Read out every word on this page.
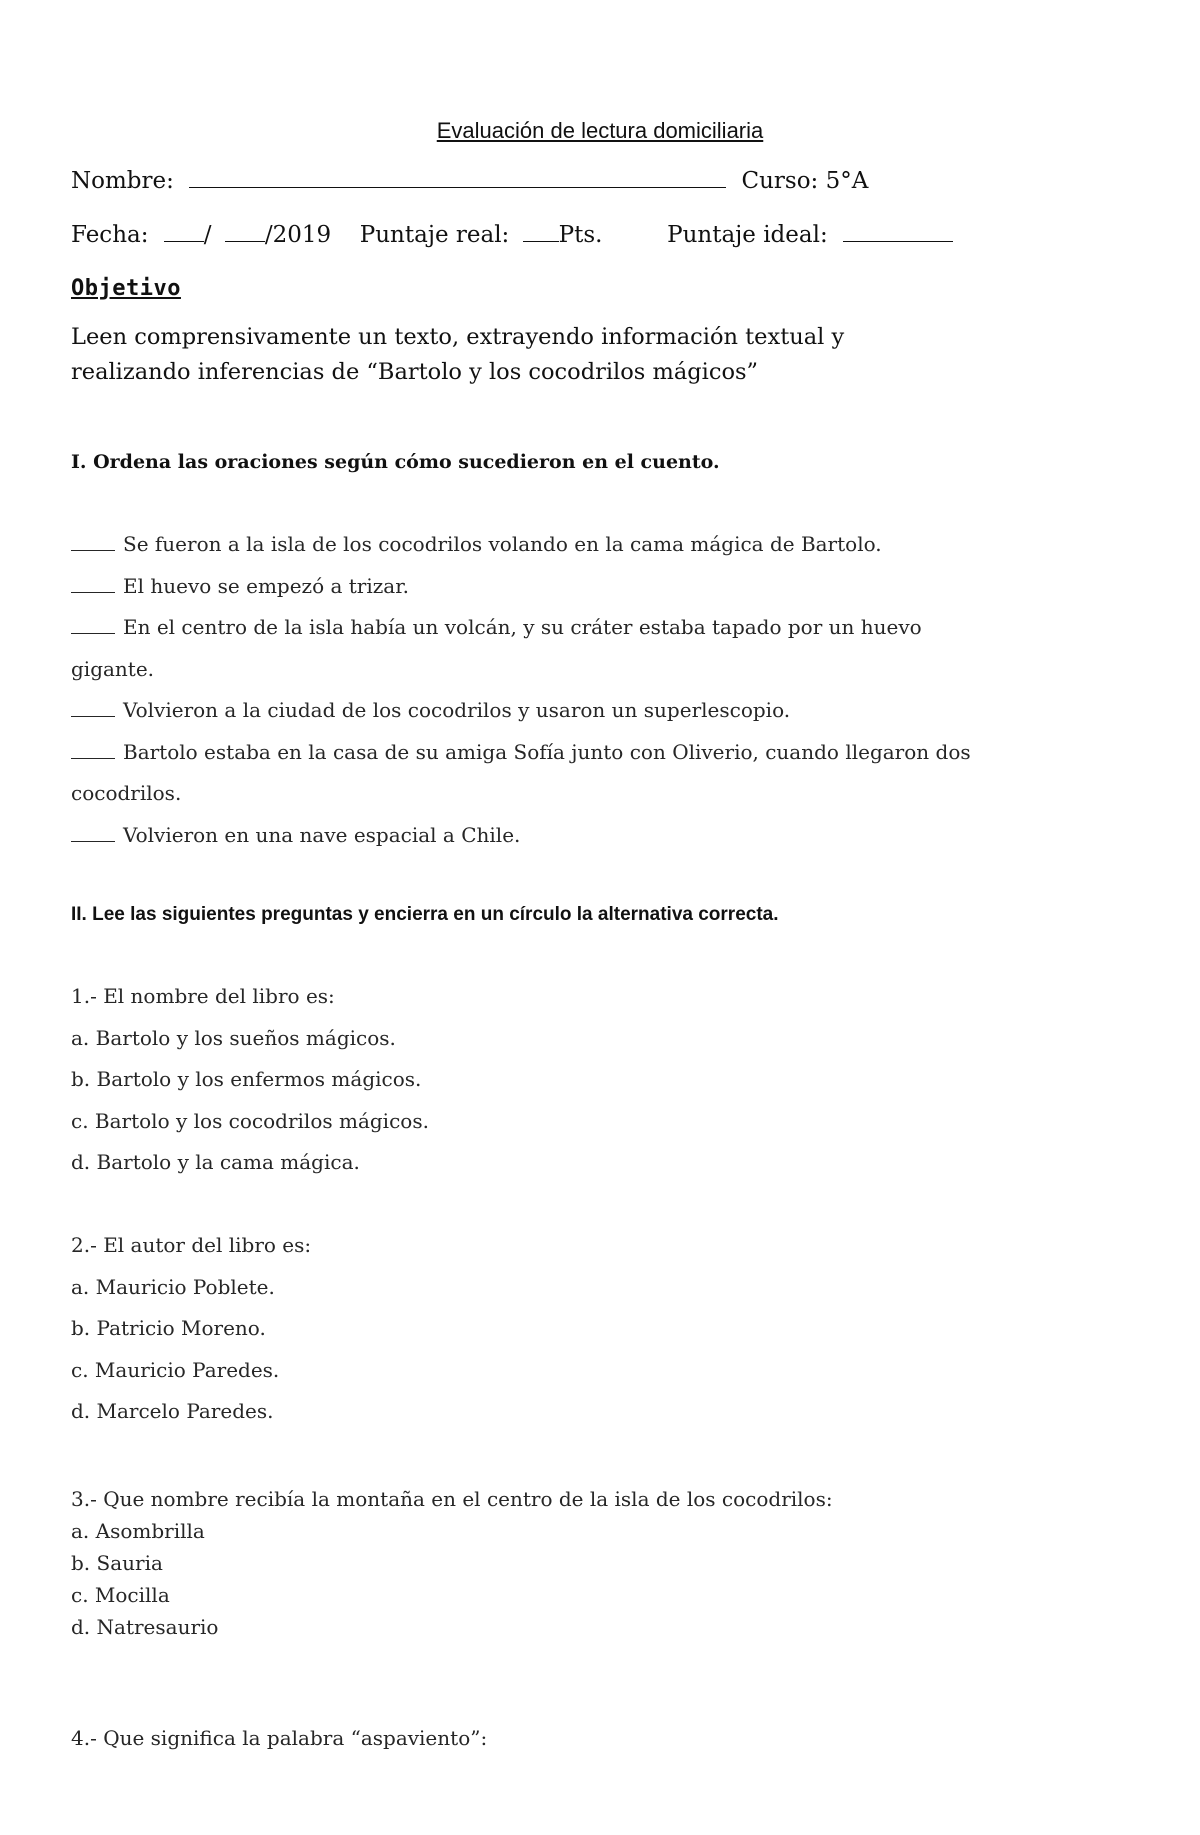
Evaluación de lectura domiciliaria
Nombre:	Curso: 5°A
Fecha: / /2019 Puntaje real: Pts.	Puntaje ideal:
Objetivo
Leen comprensivamente un texto, extrayendo información textual y
realizando inferencias de “Bartolo y los cocodrilos mágicos”
I. Ordena las oraciones según cómo sucedieron en el cuento.
Se fueron a la isla de los cocodrilos volando en la cama mágica de Bartolo.
El huevo se empezó a trizar.
En el centro de la isla había un volcán, y su cráter estaba tapado por un huevo
gigante.
Volvieron a la ciudad de los cocodrilos y usaron un superlescopio.
Bartolo estaba en la casa de su amiga Sofía junto con Oliverio, cuando llegaron dos
cocodrilos.
Volvieron en una nave espacial a Chile.
II. Lee las siguientes preguntas y encierra en un círculo la alternativa correcta.
1.- El nombre del libro es:
a. Bartolo y los sueños mágicos.
b. Bartolo y los enfermos mágicos.
c. Bartolo y los cocodrilos mágicos.
d. Bartolo y la cama mágica.
2.- El autor del libro es:
a. Mauricio Poblete.
b. Patricio Moreno.
c. Mauricio Paredes.
d. Marcelo Paredes.
3.- Que nombre recibía la montaña en el centro de la isla de los cocodrilos:
a. Asombrilla
b. Sauria
c. Mocilla
d. Natresaurio
4.- Que significa la palabra “aspaviento”:
